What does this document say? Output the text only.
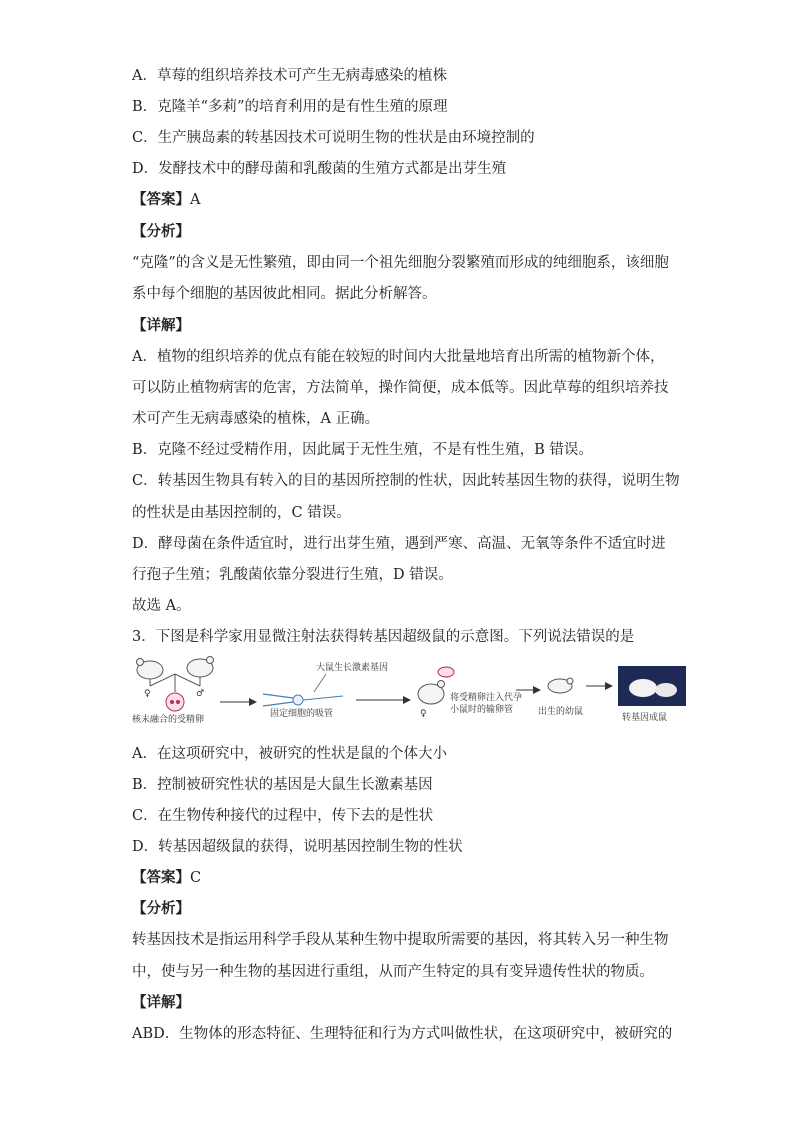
A．草莓的组织培养技术可产生无病毒感染的植株
B．克隆羊“多莉”的培育利用的是有性生殖的原理
C．生产胰岛素的转基因技术可说明生物的性状是由环境控制的
D．发酵技术中的酵母菌和乳酸菌的生殖方式都是出芽生殖
【答案】A
【分析】
“克隆”的含义是无性繁殖，即由同一个祖先细胞分裂繁殖而形成的纯细胞系，该细胞
系中每个细胞的基因彼此相同。据此分析解答。
【详解】
A．植物的组织培养的优点有能在较短的时间内大批量地培育出所需的植物新个体，
可以防止植物病害的危害，方法简单，操作简便，成本低等。因此草莓的组织培养技
术可产生无病毒感染的植株，A 正确。
B．克隆不经过受精作用，因此属于无性生殖，不是有性生殖，B 错误。
C．转基因生物具有转入的目的基因所控制的性状，因此转基因生物的获得，说明生物
的性状是由基因控制的，C 错误。
D．酵母菌在条件适宜时，进行出芽生殖，遇到严寒、高温、无氧等条件不适宜时进
行孢子生殖；乳酸菌依靠分裂进行生殖，D 错误。
故选 A。
3．下图是科学家用显微注射法获得转基因超级鼠的示意图。下列说法错误的是
♀	♂
核未融合的受精卵
大鼠生长激素基因
固定细胞的吸管	♀
将受精卵注入代孕
小鼠时的输卵管	出生的幼鼠
转基因成鼠
A．在这项研究中，被研究的性状是鼠的个体大小
B．控制被研究性状的基因是大鼠生长激素基因
C．在生物传种接代的过程中，传下去的是性状
D．转基因超级鼠的获得，说明基因控制生物的性状
【答案】C
【分析】
转基因技术是指运用科学手段从某种生物中提取所需要的基因，将其转入另一种生物
中，使与另一种生物的基因进行重组，从而产生特定的具有变异遗传性状的物质。
【详解】
ABD．生物体的形态特征、生理特征和行为方式叫做性状，在这项研究中，被研究的
